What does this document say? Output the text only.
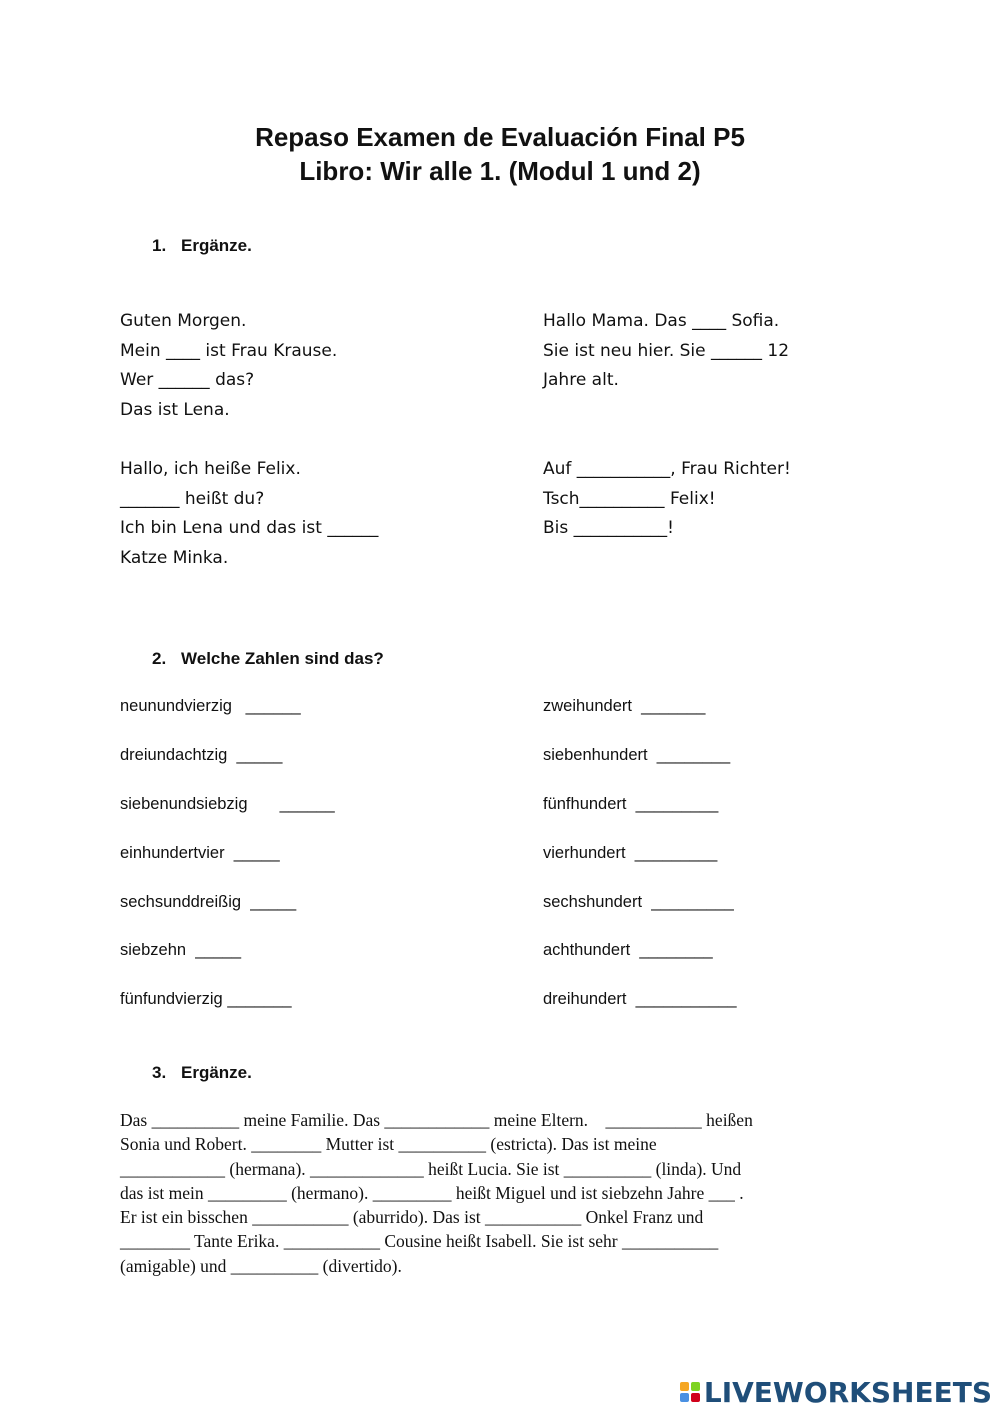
Repaso Examen de Evaluación Final P5
Libro: Wir alle 1. (Modul 1 und 2)
1. Ergänze.
Guten Morgen.
Mein ____ ist Frau Krause.
Wer ______ das?
Das ist Lena.
Hallo, ich heiße Felix.
_______ heißt du?
Ich bin Lena und das ist ______
Katze Minka.
Hallo Mama. Das ____ Sofia.
Sie ist neu hier. Sie ______ 12
Jahre alt.
Auf ___________, Frau Richter!
Tsch__________ Felix!
Bis ___________!
2. Welche Zahlen sind das?
neunundvierzig   ______
dreiundachtzig  _____
siebenundsiebzig       ______
einhundertvier  _____
sechsunddreißig  _____
siebzehn  _____
fünfundvierzig _______
zweihundert  _______
siebenhundert  ________
fünfhundert  _________
vierhundert  _________
sechshundert  _________
achthundert  ________
dreihundert  ___________
3. Ergänze.
Das __________ meine Familie. Das ____________ meine Eltern.    ___________ heißen
Sonia und Robert. ________ Mutter ist __________ (estricta). Das ist meine
____________ (hermana). _____________ heißt Lucia. Sie ist __________ (linda). Und
das ist mein _________ (hermano). _________ heißt Miguel und ist siebzehn Jahre ___ .
Er ist ein bisschen ___________ (aburrido). Das ist ___________ Onkel Franz und
________ Tante Erika. ___________ Cousine heißt Isabell. Sie ist sehr ___________
(amigable) und __________ (divertido).
LIVEWORKSHEETS
